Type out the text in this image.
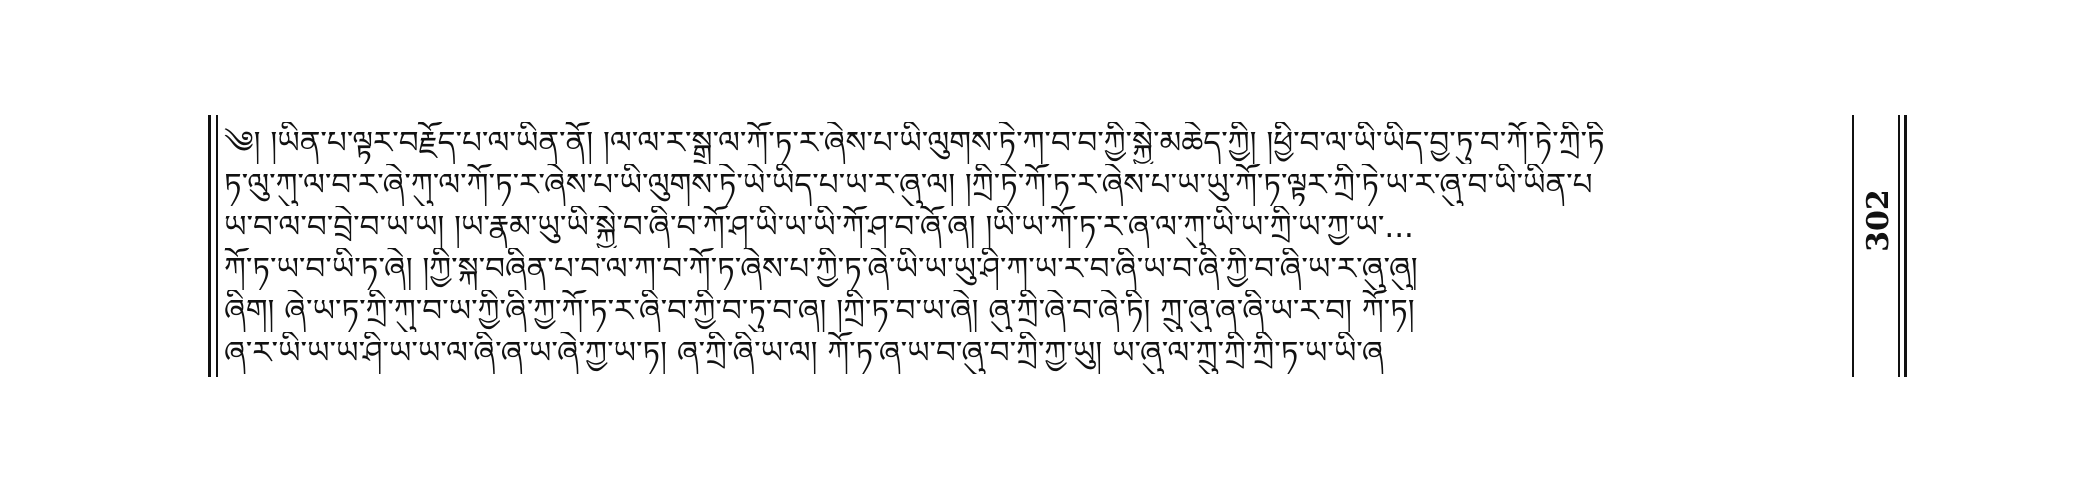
༄། །ཡིན་པ་ལྟར་བརྗོད་པ་ལ་ཡིན་ནོ། །ལ་ལ་ར་སྒྲ་ལ་ཀོ་ཏ་ར་ཞེས་པ་ཡི་ལུགས་ཏེ་ཀ་བ་བ་ཀྱི་སྐྱེ་མཆེད་ཀྱི། །ཕྱི་བ་ལ་ཡི་ཡིད་བྱ་ཏུ་བ་ཀོ་ཏེ་ཀྲི་ཏི
ཏ་ལུ་ཀུ་ལ་བ་ར་ཞེ་ཀུ་ལ་ཀོ་ཏ་ར་ཞེས་པ་ཡི་ལུགས་ཏེ་ཡེ་ཡིད་པ་ཡ་ར་ཞུ་ལ། །ཀྲི་ཏེ་ཀོ་ཏ་ར་ཞེས་པ་ཡ་ཡུ་ཀོ་ཏ་ལྟར་ཀྲི་ཏེ་ཡ་ར་ཞུ་བ་ཡི་ཡིན་པ
ཡ་བ་ལ་བ་བྲེ་བ་ཡ་ཡ། །ཡ་རྣམ་ཡུ་ཡི་སྐྱེ་བ་ཞི་བ་ཀོ་ཤ་ཡི་ཡ་ཡི་ཀོ་ཤ་བ་ཞོ་ཞ། །ཡི་ཡ་ཀོ་ཏ་ར་ཞ་ལ་ཀུ་ཡི་ཡ་ཀྲི་ཡ་ཀྱ་ཡ་...
ཀོ་ཏ་ཡ་བ་ཡི་ཏ་ཞེ། །ཀྱི་སྐ་བཞིན་པ་བ་ལ་ཀ་བ་ཀོ་ཏ་ཞེས་པ་ཀྱི་ཏ་ཞེ་ཡི་ཡ་ཡུ་ཤི་ཀ་ཡ་ར་བ་ཞི་ཡ་བ་ཞི་ཀྱི་བ་ཞི་ཡ་ར་ཞུ་ཞུ།
ཞིག། ཞེ་ཡ་ཏ་ཀྲི་ཀུ་བ་ཡ་ཀྱི་ཞི་ཀྱ་ཀོ་ཏ་ར་ཞི་བ་ཀྱི་བ་ཏུ་བ་ཞ། །ཀྲི་ཏ་བ་ཡ་ཞེ། ཞུ་ཀྲི་ཞེ་བ་ཞེ་ཏི། ཀྲུ་ཞུ་ཞ་ཞི་ཡ་ར་བ། ཀོ་ཏ།
ཞ་ར་ཡི་ཡ་ཡ་ཤི་ཡ་ཡ་ལ་ཞི་ཞ་ཡ་ཞེ་ཀྱ་ཡ་ཏ། ཞ་ཀྲི་ཞི་ཡ་ལ། ཀོ་ཏ་ཞ་ཡ་བ་ཞུ་བ་ཀྲི་ཀྱ་ཡུ། ཡ་ཞུ་ལ་ཀྲུ་ཀྲི་ཀྲི་ཏ་ཡ་ཡི་ཞ
302
